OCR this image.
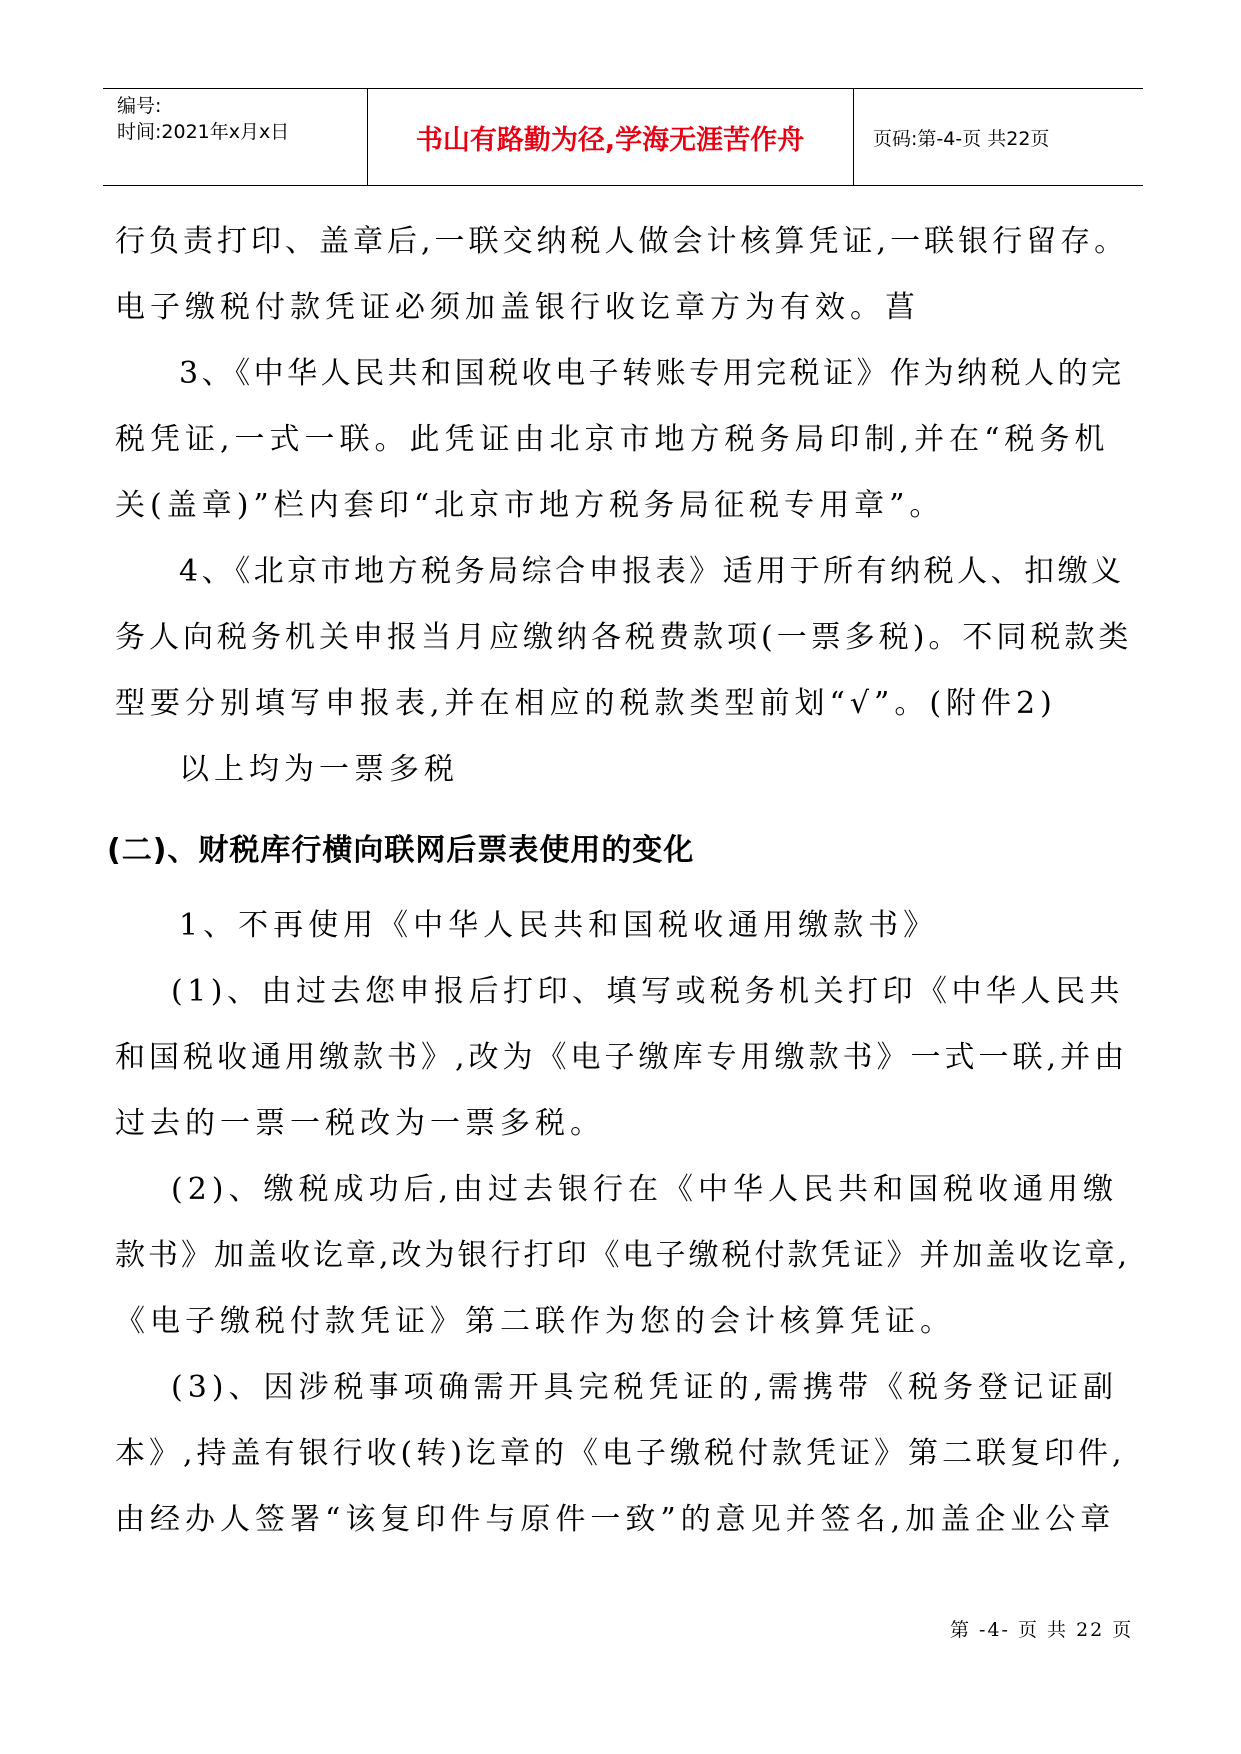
编号:
时间:2021年x月x日	书山有路勤为径,学海无涯苦作舟	页码:第-4-页 共22页
行负责打印、盖章后,一联交纳税人做会计核算凭证,一联银行留存。
电子缴税付款凭证必须加盖银行收讫章方为有效。菖
3、《中华人民共和国税收电子转账专用完税证》作为纳税人的完
税凭证,一式一联。此凭证由北京市地方税务局印制,并在“税务机
关(盖章)”栏内套印“北京市地方税务局征税专用章”。
4、《北京市地方税务局综合申报表》适用于所有纳税人、扣缴义
务人向税务机关申报当月应缴纳各税费款项(一票多税)。不同税款类
型要分别填写申报表,并在相应的税款类型前划“√”。(附件2)
以上均为一票多税
(二)、财税库行横向联网后票表使用的变化
1、不再使用《中华人民共和国税收通用缴款书》
(1)、由过去您申报后打印、填写或税务机关打印《中华人民共
和国税收通用缴款书》,改为《电子缴库专用缴款书》一式一联,并由
过去的一票一税改为一票多税。
(2)、缴税成功后,由过去银行在《中华人民共和国税收通用缴
款书》加盖收讫章,改为银行打印《电子缴税付款凭证》并加盖收讫章,
《电子缴税付款凭证》第二联作为您的会计核算凭证。
(3)、因涉税事项确需开具完税凭证的,需携带《税务登记证副
本》,持盖有银行收(转)讫章的《电子缴税付款凭证》第二联复印件,
由经办人签署“该复印件与原件一致”的意见并签名,加盖企业公章
第 -4- 页 共 22 页
